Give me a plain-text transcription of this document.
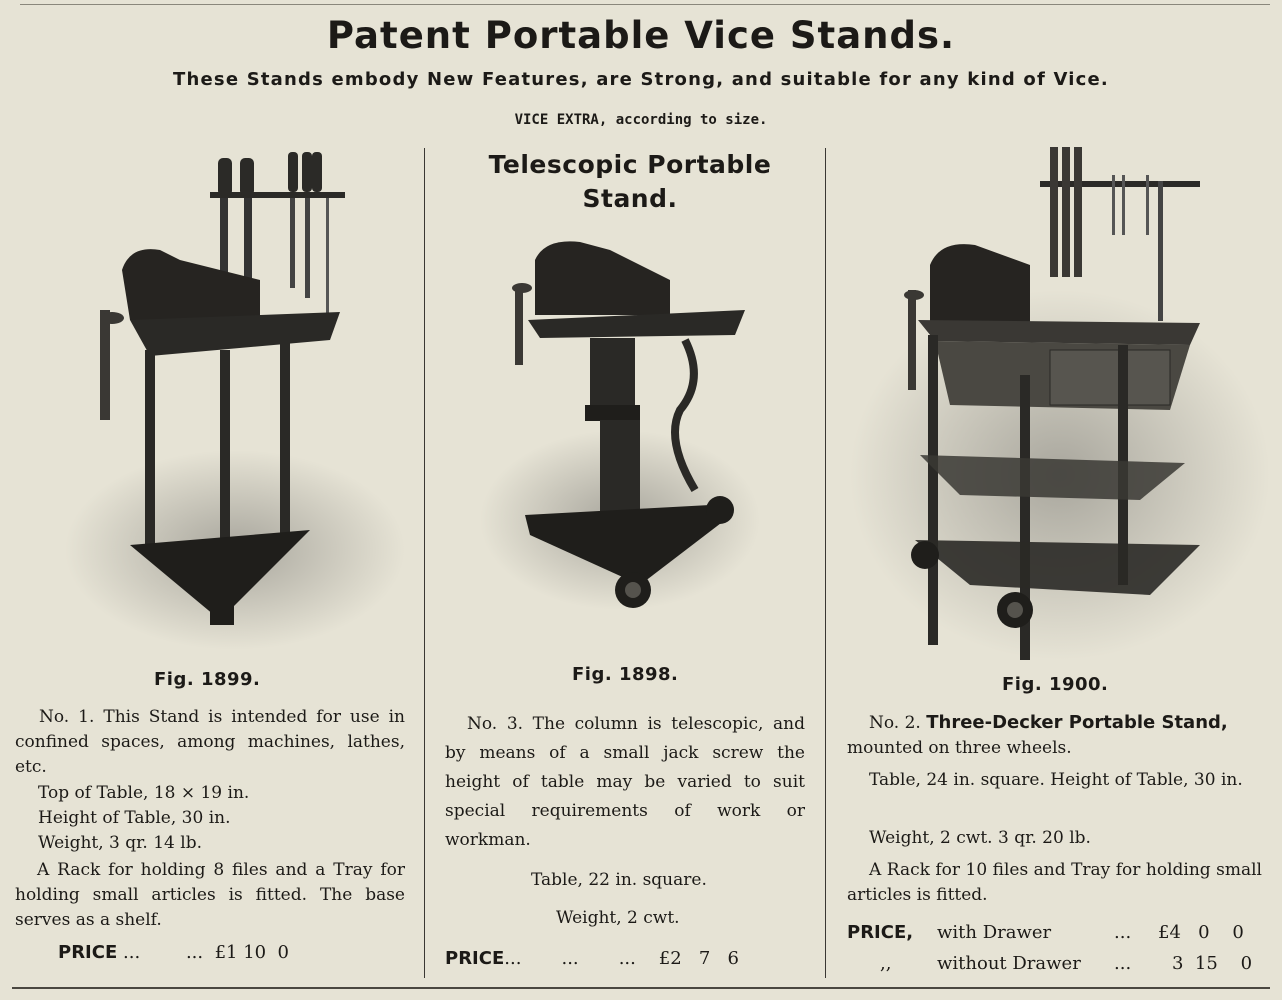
Patent Portable Vice Stands.
These Stands embody New Features, are Strong, and suitable for any kind of Vice.
VICE EXTRA, according to size.
Fig. 1899.
No. 1. This Stand is intended for use in confined spaces, among machines, lathes, etc.
Top of Table, 18 × 19 in.
Height of Table, 30 in.
Weight, 3 qr. 14 lb.
A Rack for holding 8 files and a Tray for holding small articles is fitted. The base serves as a shelf.
PRICE ...        ... £1 10  0
Telescopic Portable Stand.
Fig. 1898.
No. 3. The column is telescopic, and by means of a small jack screw the height of table may be varied to suit special requirements of work or workman.
Table, 22 in. square.
Weight, 2 cwt.
PRICE...       ...       ... £2   7   6
Fig. 1900.
No. 2. Three-Decker Portable Stand,
mounted on three wheels.
Table, 24 in. square. Height of Table, 30 in.
Weight, 2 cwt. 3 qr. 20 lb.
A Rack for 10 files and Tray for holding small articles is fitted.
PRICE, with Drawer	... £4   0    0
,,	without Drawer ... 3  15    0
